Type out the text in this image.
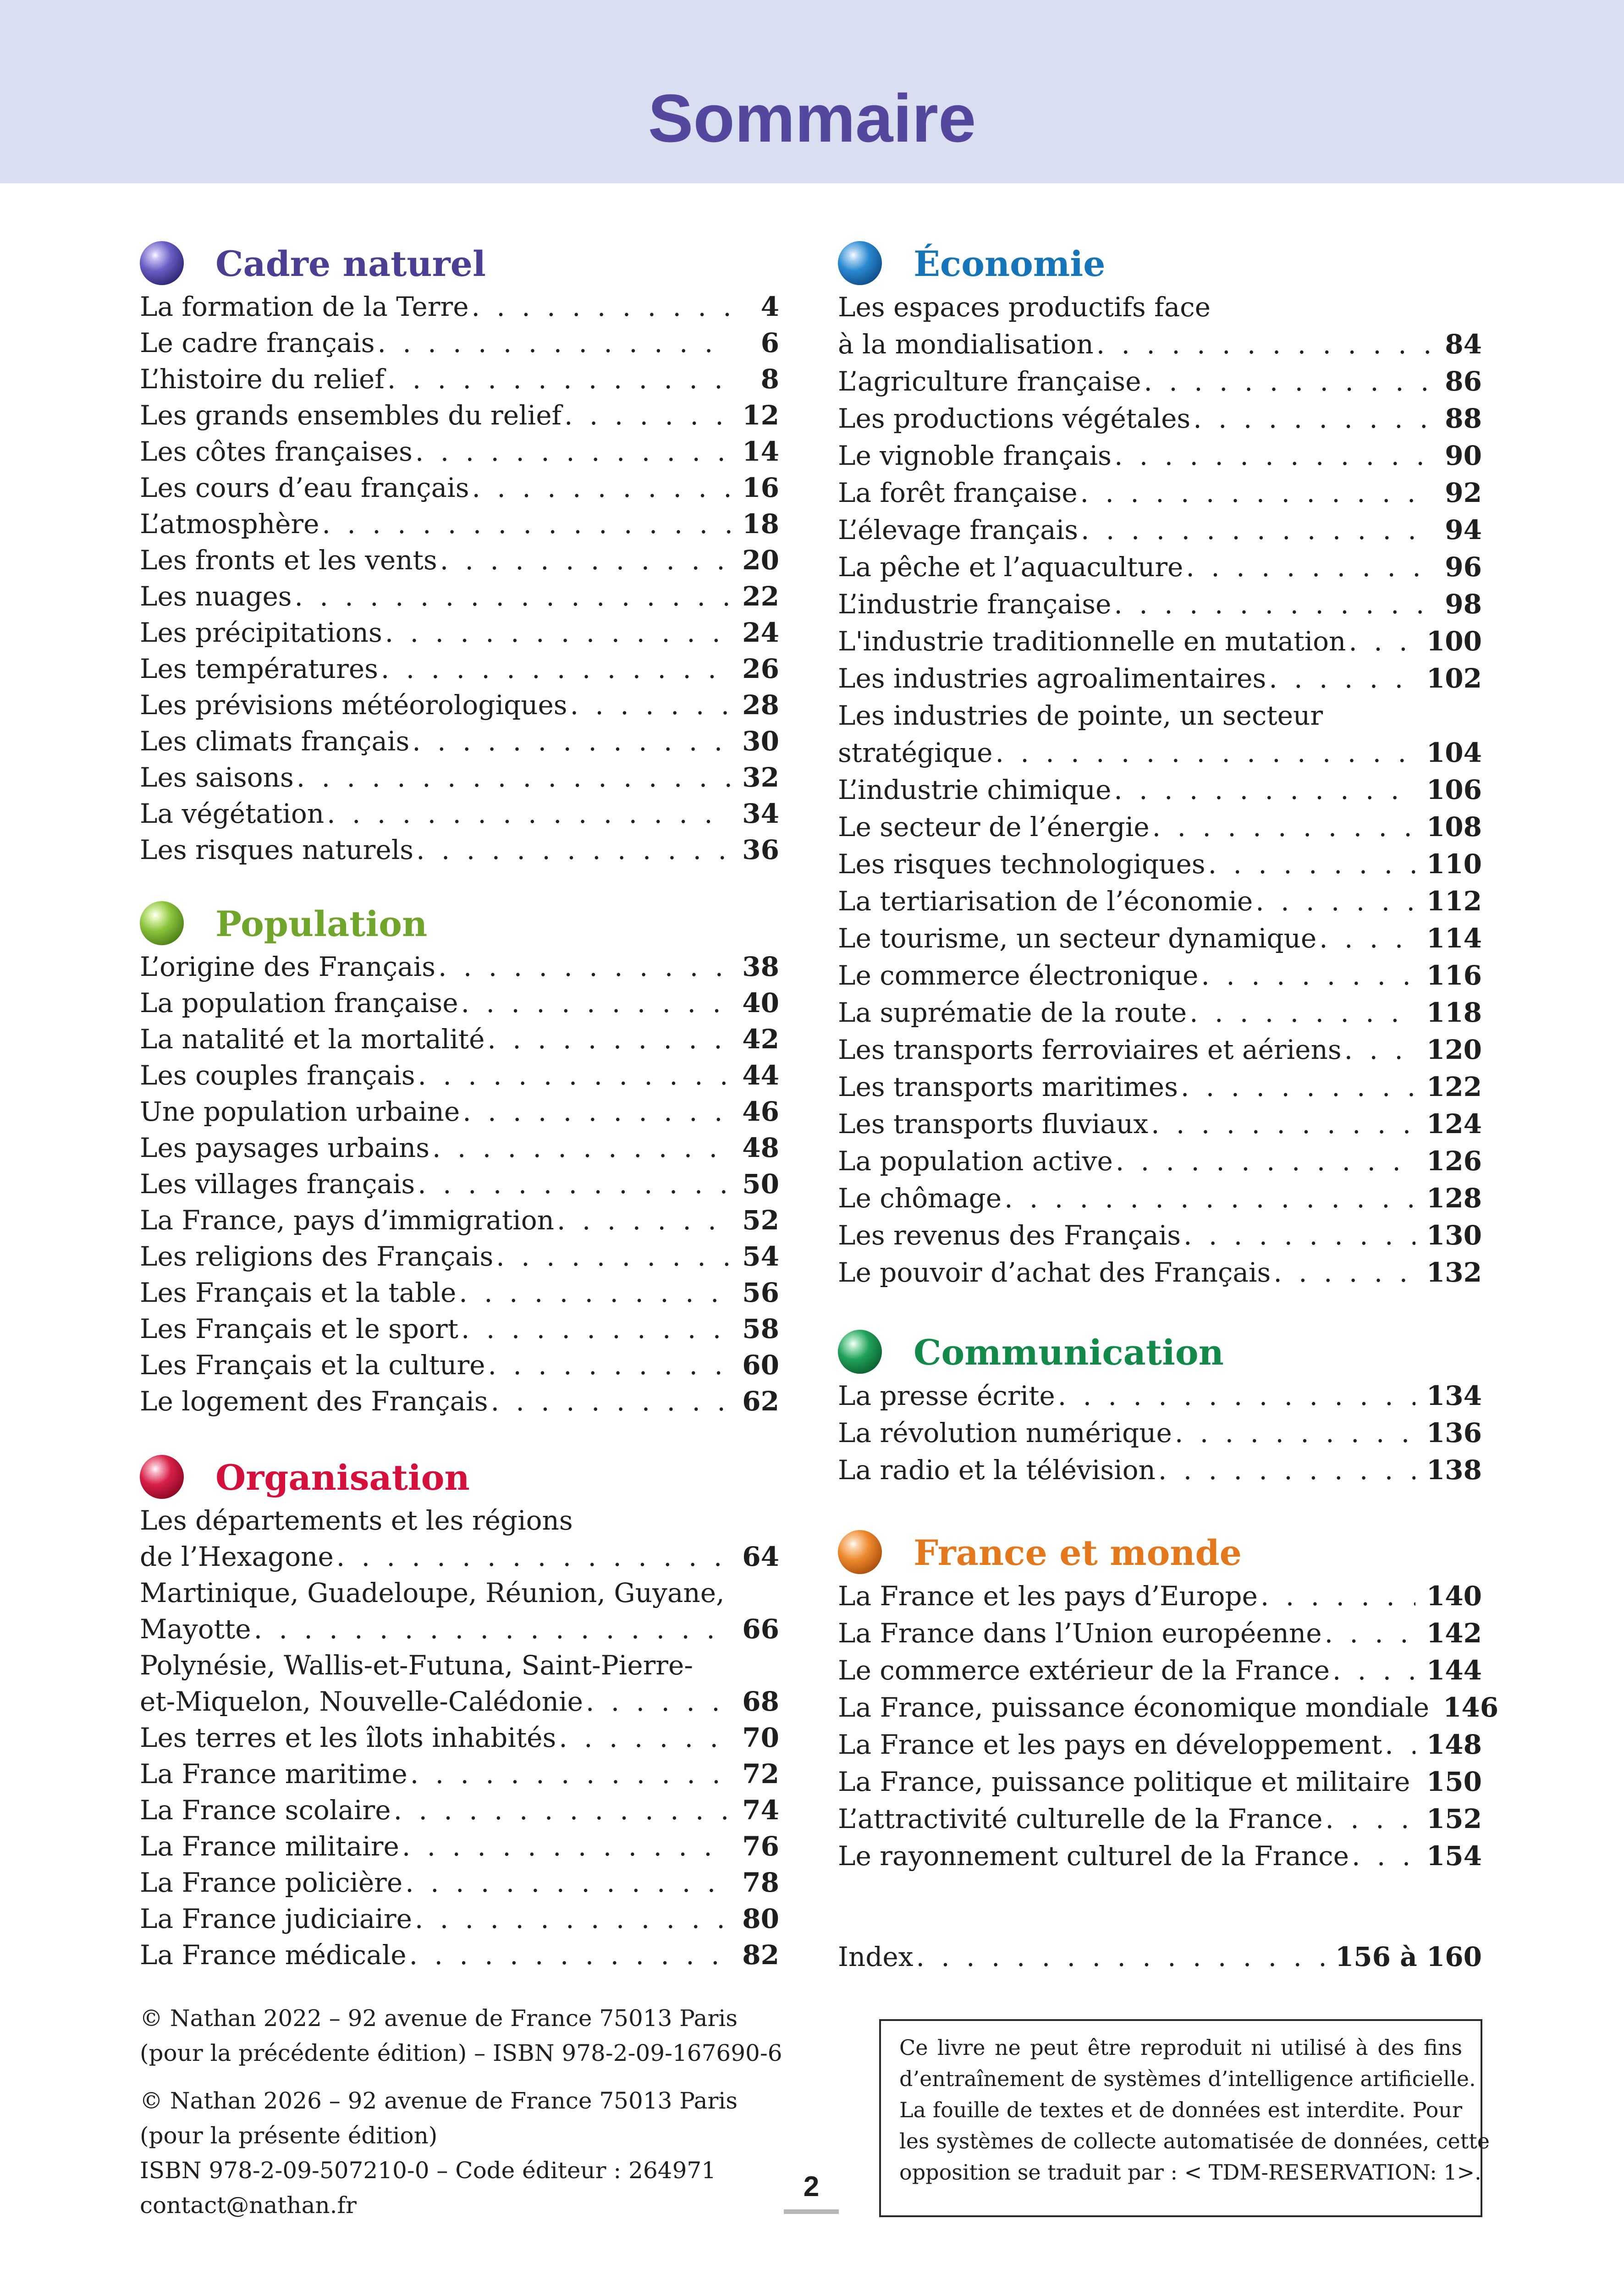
Sommaire
Cadre naturel
La formation de la Terre . . .	4
Le cadre français . . .	6
L’histoire du relief . . .	8
Les grands ensembles du relief . . .	12
Les côtes françaises . . .	14
Les cours d’eau français . . .	16
L’atmosphère . . .	18
Les fronts et les vents . . .	20
Les nuages . . .	22
Les précipitations . . .	24
Les températures . . .	26
Les prévisions météorologiques . . .	28
Les climats français . . .	30
Les saisons . . .	32
La végétation . . .	34
Les risques naturels . . .	36
Population
L’origine des Français . . .	38
La population française . . .	40
La natalité et la mortalité . . .	42
Les couples français . . .	44
Une population urbaine . . .	46
Les paysages urbains . . .	48
Les villages français . . .	50
La France, pays d’immigration . . .	52
Les religions des Français . . .	54
Les Français et la table . . .	56
Les Français et le sport . . .	58
Les Français et la culture . . .	60
Le logement des Français . . .	62
Organisation
Les départements et les régions
de l’Hexagone . . .	64
Martinique, Guadeloupe, Réunion, Guyane,
Mayotte . . .	66
Polynésie, Wallis-et-Futuna, Saint-Pierre-
et-Miquelon, Nouvelle-Calédonie . . .	68
Les terres et les îlots inhabités . . .	70
La France maritime . . .	72
La France scolaire . . .	74
La France militaire . . .	76
La France policière . . .	78
La France judiciaire . . .	80
La France médicale . . .	82
Économie
Les espaces productifs face
à la mondialisation . . .	84
L’agriculture française . . .	86
Les productions végétales . . .	88
Le vignoble français . . .	90
La forêt française . . .	92
L’élevage français . . .	94
La pêche et l’aquaculture . . .	96
L’industrie française . . .	98
L'industrie traditionnelle en mutation . . .	100
Les industries agroalimentaires . . .	102
Les industries de pointe, un secteur
stratégique . . .	104
L’industrie chimique . . .	106
Le secteur de l’énergie . . .	108
Les risques technologiques . . .	110
La tertiarisation de l’économie . . .	112
Le tourisme, un secteur dynamique . . .	114
Le commerce électronique . . .	116
La suprématie de la route . . .	118
Les transports ferroviaires et aériens . . .	120
Les transports maritimes . . .	122
Les transports fluviaux . . .	124
La population active . . .	126
Le chômage . . .	128
Les revenus des Français . . .	130
Le pouvoir d’achat des Français . . .	132
Communication
La presse écrite . . .	134
La révolution numérique . . .	136
La radio et la télévision . . .	138
France et monde
La France et les pays d’Europe . . .	140
La France dans l’Union européenne . . .	142
Le commerce extérieur de la France . . .	144
La France, puissance économique mondiale . . . 146
La France et les pays en développement . . .	148
La France, puissance politique et militaire . . . 150
L’attractivité culturelle de la France . . .	152
Le rayonnement culturel de la France . . .	154
Index . . .	156 à 160
© Nathan 2022 – 92 avenue de France 75013 Paris
(pour la précédente édition) – ISBN 978-2-09-167690-6
© Nathan 2026 – 92 avenue de France 75013 Paris
(pour la présente édition)
ISBN 978-2-09-507210-0 – Code éditeur : 264971
contact@nathan.fr
Ce livre ne peut être reproduit ni utilisé à des fins
d’entraînement de systèmes d’intelligence artificielle.
La fouille de textes et de données est interdite. Pour
les systèmes de collecte automatisée de données, cette
opposition se traduit par : < TDM-RESERVATION: 1>.
2
